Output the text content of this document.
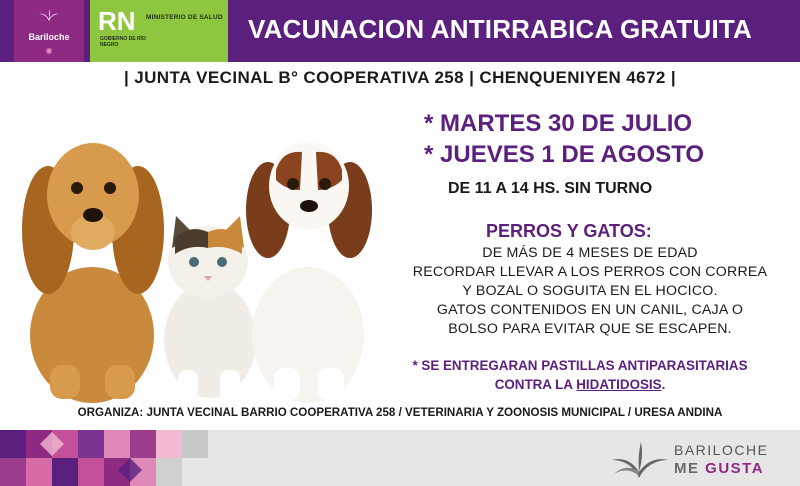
Bariloche
◉
RN MINISTERIO DE SALUD
GOBIERNO DE RÍO NEGRO
VACUNACION ANTIRRABICA GRATUITA
| JUNTA VECINAL B° COOPERATIVA 258 | CHENQUENIYEN 4672 |
* MARTES 30 DE JULIO
* JUEVES 1 DE AGOSTO
DE 11 A 14 HS. SIN TURNO
PERROS Y GATOS:
DE MÁS DE 4 MESES DE EDAD
RECORDAR LLEVAR A LOS PERROS CON CORREA
Y BOZAL O SOGUITA EN EL HOCICO.
GATOS CONTENIDOS EN UN CANIL, CAJA O
BOLSO PARA EVITAR QUE SE ESCAPEN.
* SE ENTREGARAN PASTILLAS ANTIPARASITARIAS
CONTRA LA HIDATIDOSIS.
ORGANIZA: JUNTA VECINAL BARRIO COOPERATIVA 258 / VETERINARIA Y ZOONOSIS MUNICIPAL / URESA ANDINA
BARILOCHE
ME GUSTA
